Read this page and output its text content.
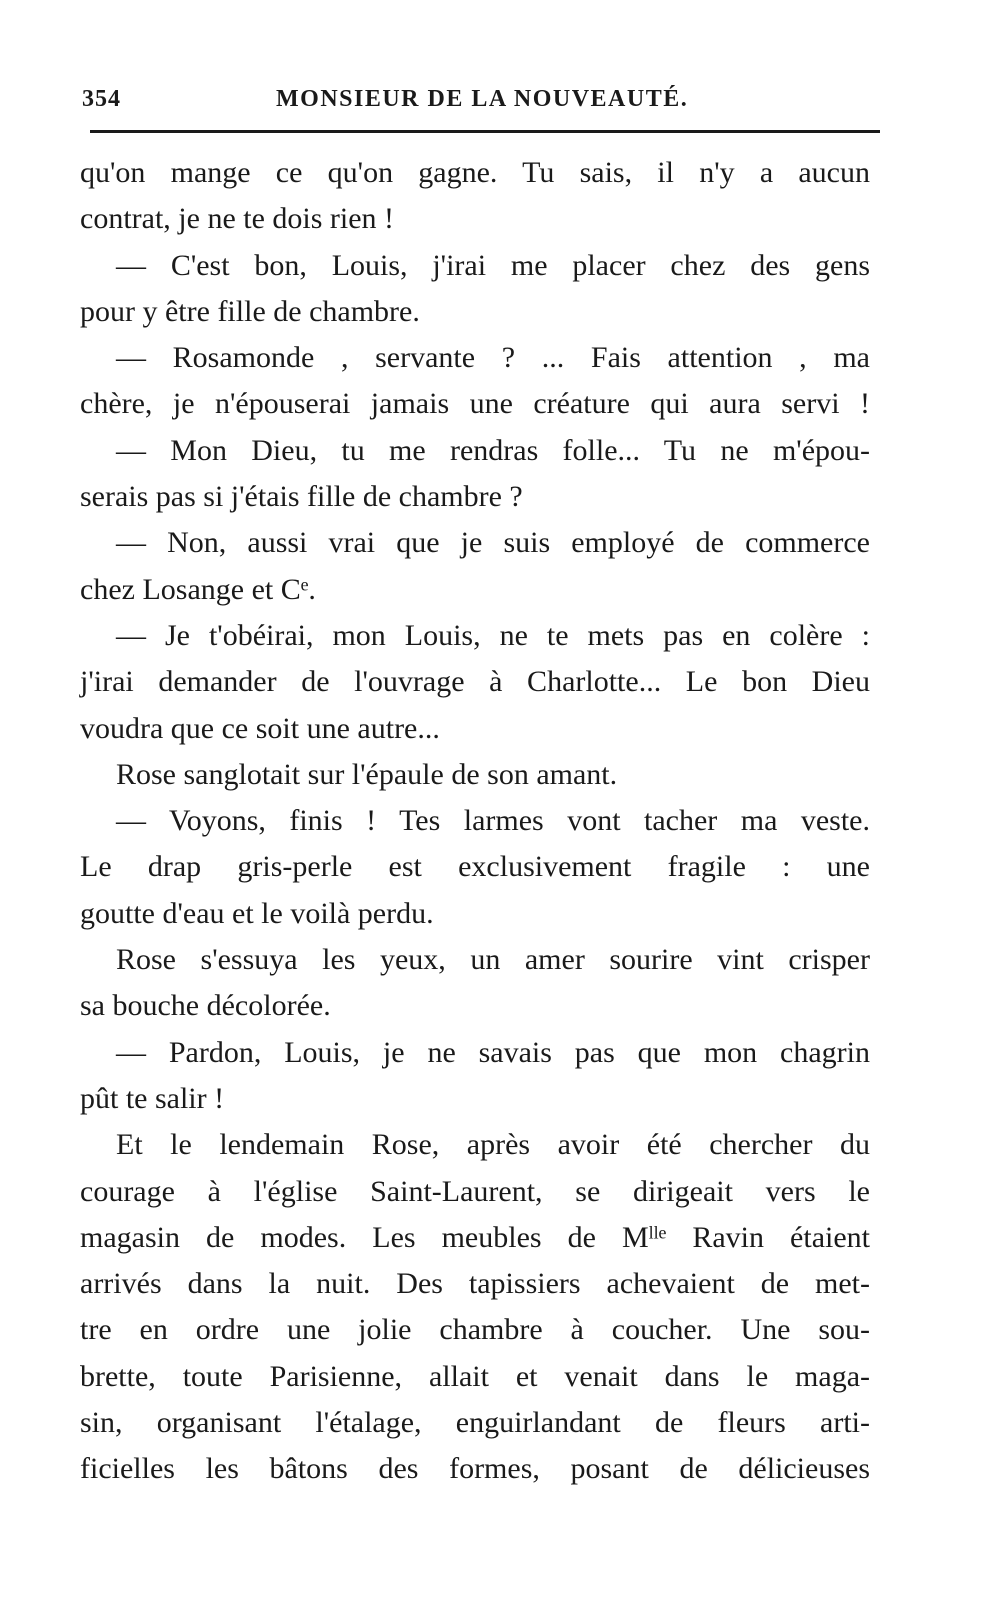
354	MONSIEUR DE LA NOUVEAUTÉ.
qu'on mange ce qu'on gagne. Tu sais, il n'y a aucun
contrat, je ne te dois rien !
— C'est bon, Louis, j'irai me placer chez des gens
pour y être fille de chambre.
— Rosamonde , servante ? ... Fais attention , ma
chère, je n'épouserai jamais une créature qui aura servi !
— Mon Dieu, tu me rendras folle... Tu ne m'épou-
serais pas si j'étais fille de chambre ?
— Non, aussi vrai que je suis employé de commerce
chez Losange et Cᵉ.
— Je t'obéirai, mon Louis, ne te mets pas en colère :
j'irai demander de l'ouvrage à Charlotte... Le bon Dieu
voudra que ce soit une autre...
Rose sanglotait sur l'épaule de son amant.
— Voyons, finis ! Tes larmes vont tacher ma veste.
Le drap gris-perle est exclusivement fragile : une
goutte d'eau et le voilà perdu.
Rose s'essuya les yeux, un amer sourire vint crisper
sa bouche décolorée.
— Pardon, Louis, je ne savais pas que mon chagrin
pût te salir !
Et le lendemain Rose, après avoir été chercher du
courage à l'église Saint-Laurent, se dirigeait vers le
magasin de modes. Les meubles de Mˡˡᵉ Ravin étaient
arrivés dans la nuit. Des tapissiers achevaient de met-
tre en ordre une jolie chambre à coucher. Une sou-
brette, toute Parisienne, allait et venait dans le maga-
sin, organisant l'étalage, enguirlandant de fleurs arti-
ficielles les bâtons des formes, posant de délicieuses
